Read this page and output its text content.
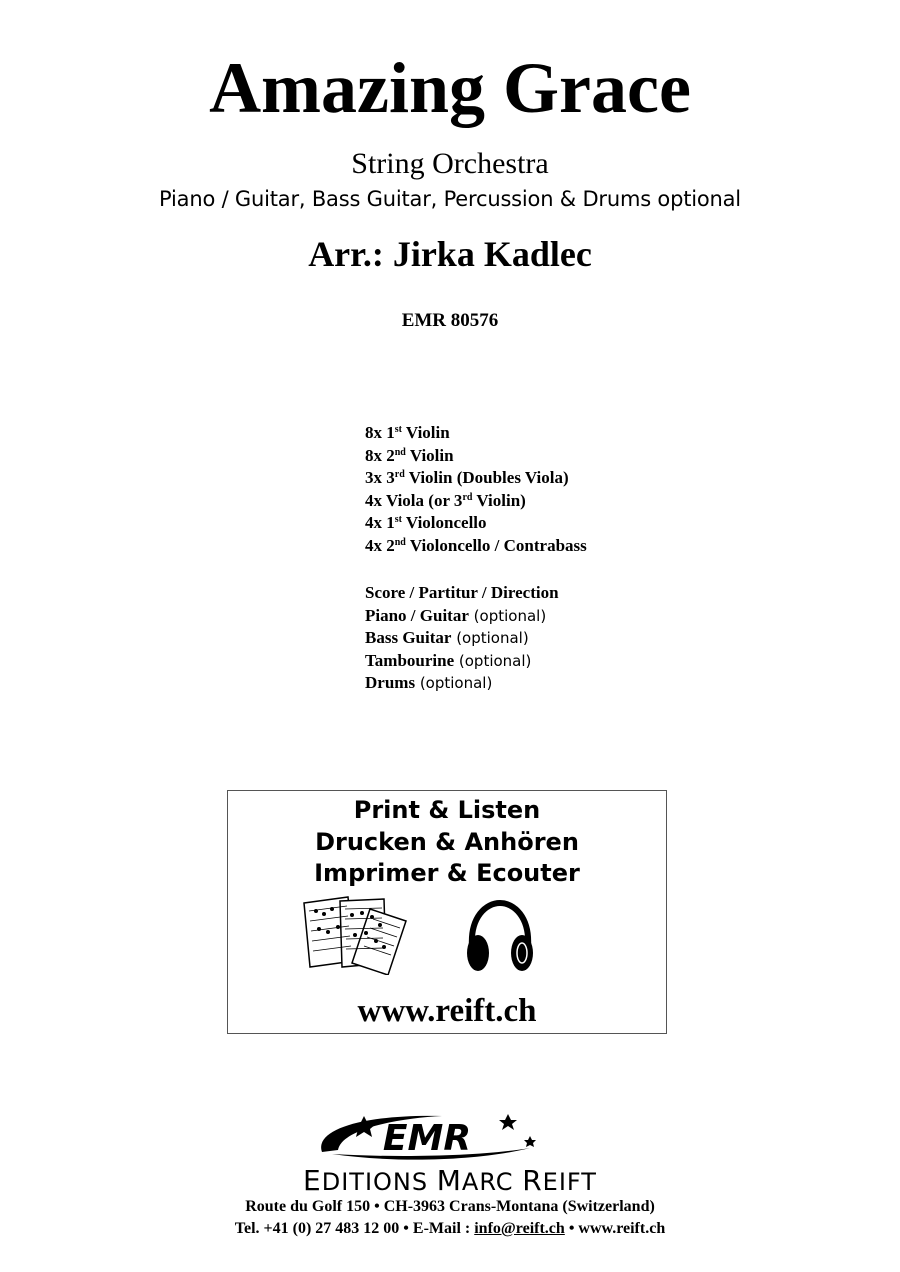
Amazing Grace
String Orchestra
Piano / Guitar, Bass Guitar, Percussion & Drums optional
Arr.: Jirka Kadlec
EMR 80576
8x 1st Violin
8x 2nd Violin
3x 3rd Violin (Doubles Viola)
4x Viola (or 3rd Violin)
4x 1st Violoncello
4x 2nd Violoncello / Contrabass
Score / Partitur / Direction
Piano / Guitar (optional)
Bass Guitar (optional)
Tambourine (optional)
Drums (optional)
Print & Listen
Drucken & Anhören
Imprimer & Ecouter
www.reift.ch
EMR
EDITIONS MARC REIFT
Route du Golf 150 • CH-3963 Crans-Montana (Switzerland)
Tel. +41 (0) 27 483 12 00 • E-Mail : info@reift.ch • www.reift.ch
